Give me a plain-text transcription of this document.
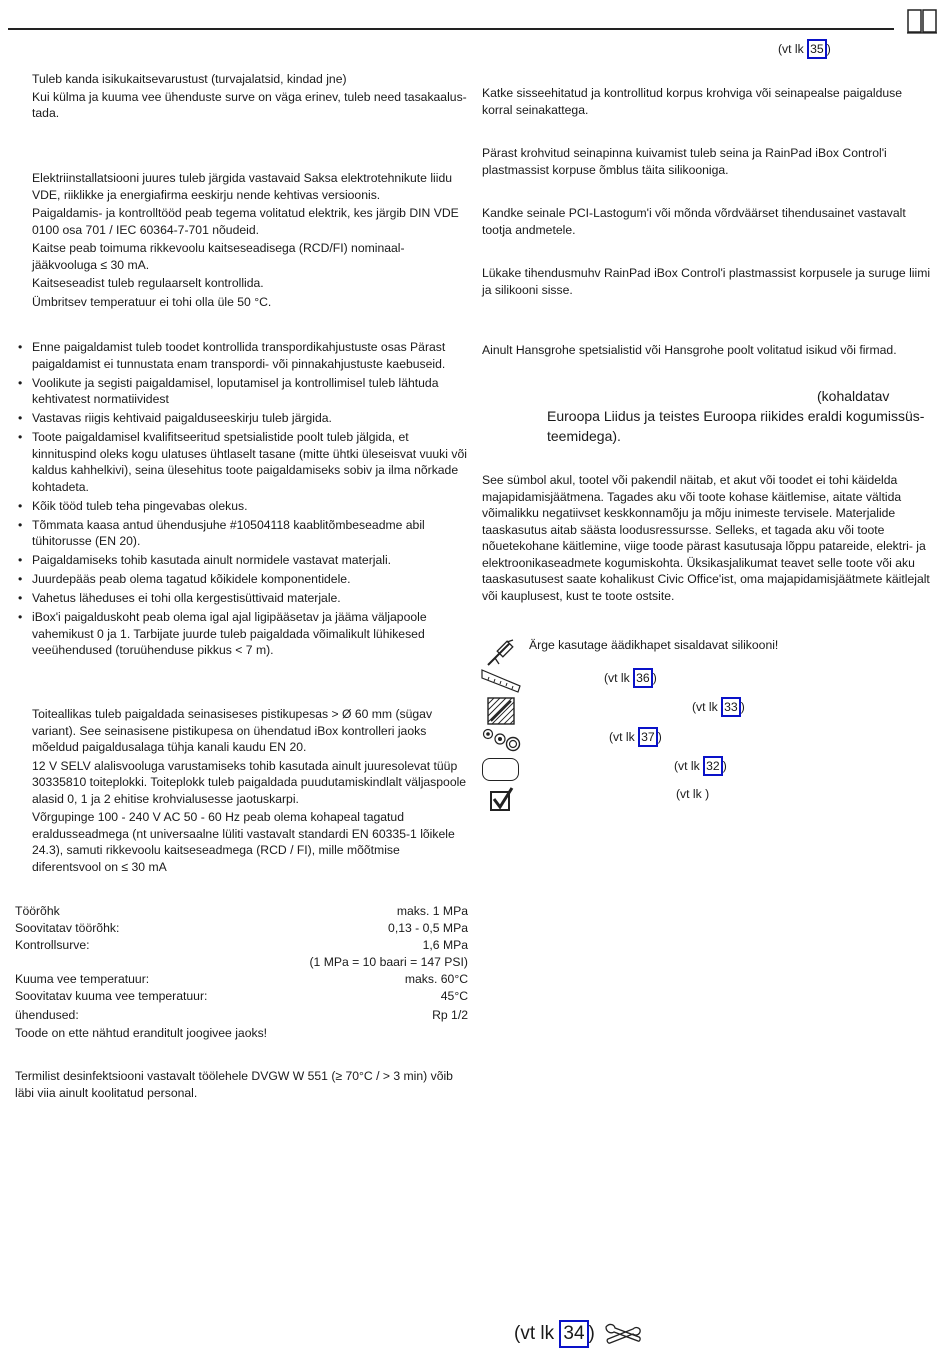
(vt lk 35 )

Tuleb kanda isikukaitsevarustust (turvajalatsid, kindad jne)

Kui külma ja kuuma vee ühenduste surve on väga erinev, tuleb need tasakaalus-tada.

Elektriinstallatsiooni juures tuleb järgida vastavaid Saksa elektrotehnikute liidu VDE, riiklikke ja energiafirma eeskirju nende kehtivas versioonis.

Paigaldamis- ja kontrolltööd peab tegema volitatud elektrik, kes järgib DIN VDE 0100 osa 701 / IEC 60364-7-701 nõudeid.

Kaitse peab toimuma rikkevoolu kaitseseadisega (RCD/FI) nominaal-jääkvooluga ≤ 30 mA.

Kaitseseadist tuleb regulaarselt kontrollida.

Ümbritsev temperatuur ei tohi olla üle 50 °C.

• Enne paigaldamist tuleb toodet kontrollida transpordikahjustuste osas Pärast paigaldamist ei tunnustata enam transpordi- või pinnakahjustuste kaebuseid.
• Voolikute ja segisti paigaldamisel, loputamisel ja kontrollimisel tuleb lähtuda kehtivatest normatiividest
• Vastavas riigis kehtivaid paigalduseeskirju tuleb järgida.
• Toote paigaldamisel kvalifitseeritud spetsialistide poolt tuleb jälgida, et kinnituspind oleks kogu ulatuses ühtlaselt tasane (mitte ühtki üleseisvat vuuki või kaldus kahhelkivi), seina ülesehitus toote paigaldamiseks sobiv ja ilma nõrkade kohtadeta.
• Kõik tööd tuleb teha pingevabas olekus.
• Tõmmata kaasa antud ühendusjuhe #10504118 kaablitõmbeseadme abil tühitorusse (EN 20).
• Paigaldamiseks tohib kasutada ainult normidele vastavat materjali.
• Juurdepääs peab olema tagatud kõikidele komponentidele.
• Vahetus läheduses ei tohi olla kergestisüttivaid materjale.
• iBox'i paigalduskoht peab olema igal ajal ligipääsetav ja jääma väljapoole vahemikust 0 ja 1. Tarbijate juurde tuleb paigaldada võimalikult lühikesed veeühendused (toruühenduse pikkus < 7 m).

Toiteallikas tuleb paigaldada seinasiseses pistikupesas > Ø 60 mm (sügav variant). See seinasisene pistikupesa on ühendatud iBox kontrolleri jaoks mõeldud paigaldusalaga tühja kanali kaudu EN 20.

12 V SELV alalisvooluga varustamiseks tohib kasutada ainult juuresolevat tüüp 30335810 toiteplokki. Toiteplokk tuleb paigaldada puudutamiskindlalt väljaspoole alasid 0, 1 ja 2 ehitise krohvialusesse jaotuskarpi.

Võrgupinge 100 - 240 V AC 50 - 60 Hz peab olema kohapeal tagatud eraldusseadmega (nt universaalne lüliti vastavalt standardi EN 60335-1 lõikele 24.3), samuti rikkevoolu kaitseseadmega (RCD / FI), mille mõõtmise diferentsvool on ≤ 30 mA

Töörõhk	maks. 1 MPa
Soovitatav töörõhk:	0,13 - 0,5 MPa
Kontrollsurve:	1,6 MPa
(1 MPa = 10 baari = 147 PSI)
Kuuma vee temperatuur:	maks. 60°C
Soovitatav kuuma vee temperatuur:	45°C
ühendused:	Rp 1/2

Toode on ette nähtud eranditult joogivee jaoks!

Termilist desinfektsiooni vastavalt töölehele DVGW W 551 (≥ 70°C / > 3 min) võib läbi viia ainult koolitatud personal.
Katke sisseehitatud ja kontrollitud korpus krohviga või seinapealse paigalduse korral seinakattega.
Pärast krohvitud seinapinna kuivamist tuleb seina ja RainPad iBox Control'i plastmassist korpuse õmblus täita silikooniga.
Kandke seinale PCI-Lastogum'i või mõnda võrdväärset tihendusainet vastavalt tootja andmetele.
Lükake tihendusmuhv RainPad iBox Control'i plastmassist korpusele ja suruge liimi ja silikooni sisse.
Ainult Hansgrohe spetsialistid või Hansgrohe poolt volitatud isikud või firmad.
(kohaldatav
Euroopa Liidus ja teistes Euroopa riikides eraldi kogumissüs-teemidega).
See sümbol akul, tootel või pakendil näitab, et akut või toodet ei tohi käidelda majapidamisjäätmena. Tagades aku või toote kohase käitlemise, aitate vältida võimalikku negatiivset keskkonnamõju ja mõju inimeste tervisele. Materjalide taaskasutus aitab säästa loodusressursse. Selleks, et tagada aku või toote nõuetekohane käitlemine, viige toode pärast kasutusaja lõppu patareide, elektri- ja elektroonikaseadmete kogumiskohta. Üksikasjalikumat teavet selle toote või aku taaskasutusest saate kohalikust Civic Office'ist, oma majapidamisjäätmete käitlejalt või kauplusest, kust te toote ostsite.
Ärge kasutage äädikhapet sisaldavat silikooni!
(vt lk 36 )
(vt lk 33 )
(vt lk 37 )
(vt lk 32 )
(vt lk )
(vt lk 34 )
